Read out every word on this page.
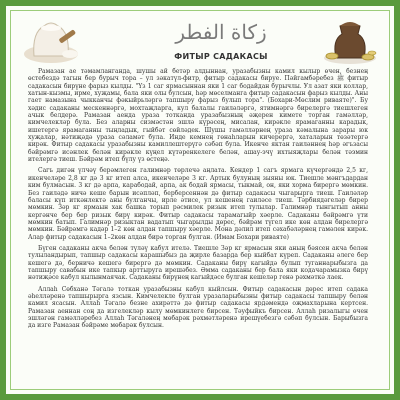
زكاة الفطر
ФИТЫР САДАКАСЫ

Рамазан ае тәмамланганда, шушы ай бетәр алдыннан, уразабызны камил кылыр өчен, безнең өстебездә тагын бер бурыч тора – ул зәкатүл-фитр, фитыр садакасы бируе. Пәйгамбәребез ﷺ фитыр садакасын бирүне фарыз кылды. "Үз 1 саг ярмасыннан яки 1 саг бодайдан бурычлы. Ул азат яки коллар, хатын-кызмы, ирме, хуҗамы, бала яки олы булсын, һәр мөселманга фитыр садакасын фарыз кылды. Аны гает намазына чыкканчы фәкыйрьләргә тапшыру фарыз булып тора". (Бохари-Мөслим риваяте)". Бу хәдис садаканы мескеннәргә, мохтаҗларга, кул балалы гаиләләргә, ятимнәргә бирелергә тиешлеген ачык белдерә. Рамазан аенда ураза тотканда уразабызның әҗерен кимете торган гамәлләр, кимчелекләр була. Без аларны сизмәстән эшлә күрәсең, мисалан, кирәкле ярамаганны карадык, ишетергә ярамаганны тыңладык, гыйбәт сөйләдек. Шушы гамәлләрнең ураза кәмалына зарары юк хуҗалар, нәтиҗәдә ураза сәламәт була. Инде кемнең гөнаһларын кичерергә, хаталарын төзәтергә кирәк. Фитыр садакасы уразабызны камиллештерүгә сәбәп була. Икенче яктан гаиләннең һәр әгъзасы бәйрәмгә исәнлек белән кирәкле күңел күтәренкелеге белән, ашау-эчү ихтыяҗлары белән тәэмин ителергә тиеш. Бәйрәм итеп бүлу үз өстеңә.

Сагъ дигән үлчәү берәмлеген галимнәр төрлечә аңлата. Кендер 1 сагъ ярмага күчергәндә 2,5 кг, икенчеләре 2,8 кг дә 3 кг итеп алса, икенчеләре 3 кг. Артык булуның зыяны юк. Тиешле мәнгъдардан ким булмасын. 3 кг дә арпа, карабодай, арпа, ак бодай ярмасы, тыкмай, он, яки хорма бирергә мөмкин. Без гаиләдә ничә кеше барын исәпләп, берберсеннән дә фитыр садакасы чыгарырга тиеш. Гаиләләр баласы күп иткәнлектә аны булганчы, ирле әтисе, ул кешенең гаиләсе тиеш. Тәрбиядәгеләр бирер мөмкин. Зәр кг ярмаын хак башка торып рәсмилек ризык итеп тулылар. Галимнәр тынгытып анны кергәнче бер бер ризык бирү кирәк. Фитыр садакасы тарамагыйр хәерле. Садаканы бәйрәмгә үти мөмкин батып. Галимнәр ризыктан вадатып чыгарылды дөрес, бәйрәм түгел ике көн алдан бирелергә мөмкин. Бәйрәмгә кадәр 1–2 көн алдан тапшыру хәерле. Мона дәлил итеп сәхабәләрнең гамәлен кирәк. Алар фитыр садакасын 1–2көн алдан бирә торган булган. (Имам Бохари риваяте)

Бүген садаканы акча белән түләү кабул ителә. Тиешле Зәр кг ярмасын яки аның бәясен акча белән тулыландырып, тапшыр садакасы карашыбыз да җирле базарда бер кыйбат күреп. Садаканы әлеге бер кешегә дә, берничә кешегә бирергә дә мөмкин. Садаканы бирү кагыйдә булып туганнарыбызга да тапшыру савабын ике тапкыр арттыруга ирешәбез. Әмма садаканы бер бала яки кодачарамызка бирү нәтиҗәсе кабул кылынмаячак. Садаканы бирүнең кагыйдәсе булган кешеләр генә рәхмәткә лаек.

Аллаһ Сөбханә Тәгалә тоткан уразабызны кабул кыйлсын. Фитыр садакасын дөрес итеп садака әһелләренә тапшырырга язсын. Кимчелекле булган уразаларыбызны фитыр садакасы тапшыру белән камил ясасын. Аллаһ Тәгалә безне ахирәттә дә фитыр садакасы ярдәмендә оҗмахларына кертсен. Рамазан аеннан соң да изгелекләр кылу мөмкинлеге бирсен. Тәуфыйкъ бирсен. Аллаһ ризалыгы өчен эшләгән гамәлләребез Аллаһ Тәгаләнең мөбарәк рәхмәтләренә ирешүебезгә сәбәп булсын. Барыбызга да изге Рамазан бәйрәме мөбарәк булсын.
